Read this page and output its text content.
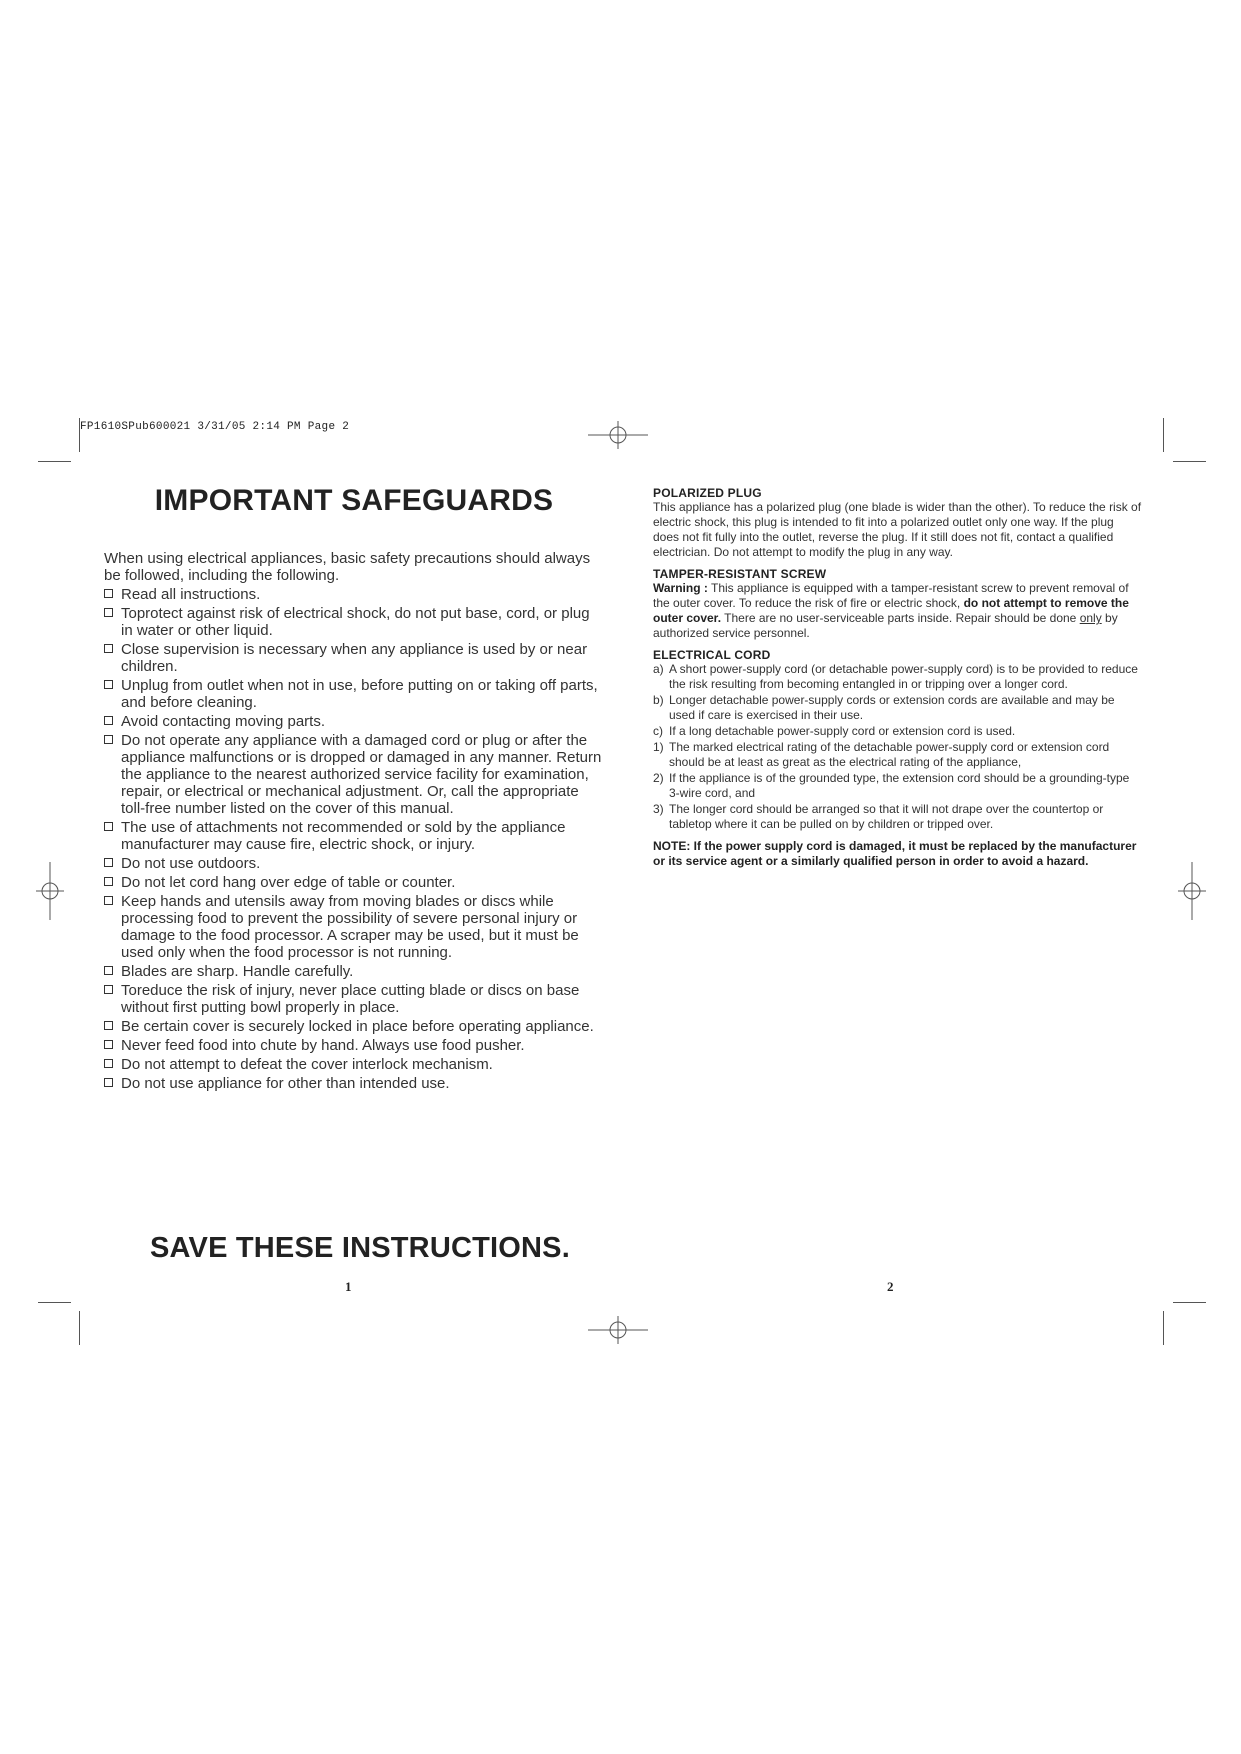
FP1610SPub600021 3/31/05 2:14 PM Page 2
IMPORTANT SAFEGUARDS

When using electrical appliances, basic safety precautions should always be followed, including the following.

Read all instructions.
Toprotect against risk of electrical shock, do not put base, cord, or plug in water or other liquid.
Close supervision is necessary when any appliance is used by or near children.
Unplug from outlet when not in use, before putting on or taking off parts, and before cleaning.
Avoid contacting moving parts.
Do not operate any appliance with a damaged cord or plug or after the appliance malfunctions or is dropped or damaged in any manner. Return the appliance to the nearest authorized service facility for examination, repair, or electrical or mechanical adjustment. Or, call the appropriate toll-free number listed on the cover of this manual.
The use of attachments not recommended or sold by the appliance manufacturer may cause fire, electric shock, or injury.
Do not use outdoors.
Do not let cord hang over edge of table or counter.
Keep hands and utensils away from moving blades or discs while processing food to prevent the possibility of severe personal injury or damage to the food processor. A scraper may be used, but it must be used only when the food processor is not running.
Blades are sharp. Handle carefully.
Toreduce the risk of injury, never place cutting blade or discs on base without first putting bowl properly in place.
Be certain cover is securely locked in place before operating appliance.
Never feed food into chute by hand. Always use food pusher.
Do not attempt to defeat the cover interlock mechanism.
Do not use appliance for other than intended use.
SAVE THESE INSTRUCTIONS.
1

POLARIZED PLUG

This appliance has a polarized plug (one blade is wider than the other). To reduce the risk of electric shock, this plug is intended to fit into a polarized outlet only one way. If the plug does not fit fully into the outlet, reverse the plug. If it still does not fit, contact a qualified electrician. Do not attempt to modify the plug in any way.

TAMPER-RESISTANT SCREW

Warning : This appliance is equipped with a tamper-resistant screw to prevent removal of the outer cover. To reduce the risk of fire or electric shock, do not attempt to remove the outer cover. There are no user-serviceable parts inside. Repair should be done only by authorized service personnel.

ELECTRICAL CORD

a) A short power-supply cord (or detachable power-supply cord) is to be provided to reduce the risk resulting from becoming entangled in or tripping over a longer cord.
b) Longer detachable power-supply cords or extension cords are available and may be used if care is exercised in their use.
c) If a long detachable power-supply cord or extension cord is used.
1) The marked electrical rating of the detachable power-supply cord or extension cord should be at least as great as the electrical rating of the appliance,
2) If the appliance is of the grounded type, the extension cord should be a grounding-type 3-wire cord, and
3) The longer cord should be arranged so that it will not drape over the countertop or tabletop where it can be pulled on by children or tripped over.

NOTE: If the power supply cord is damaged, it must be replaced by the manufacturer or its service agent or a similarly qualified person in order to avoid a hazard.

2
